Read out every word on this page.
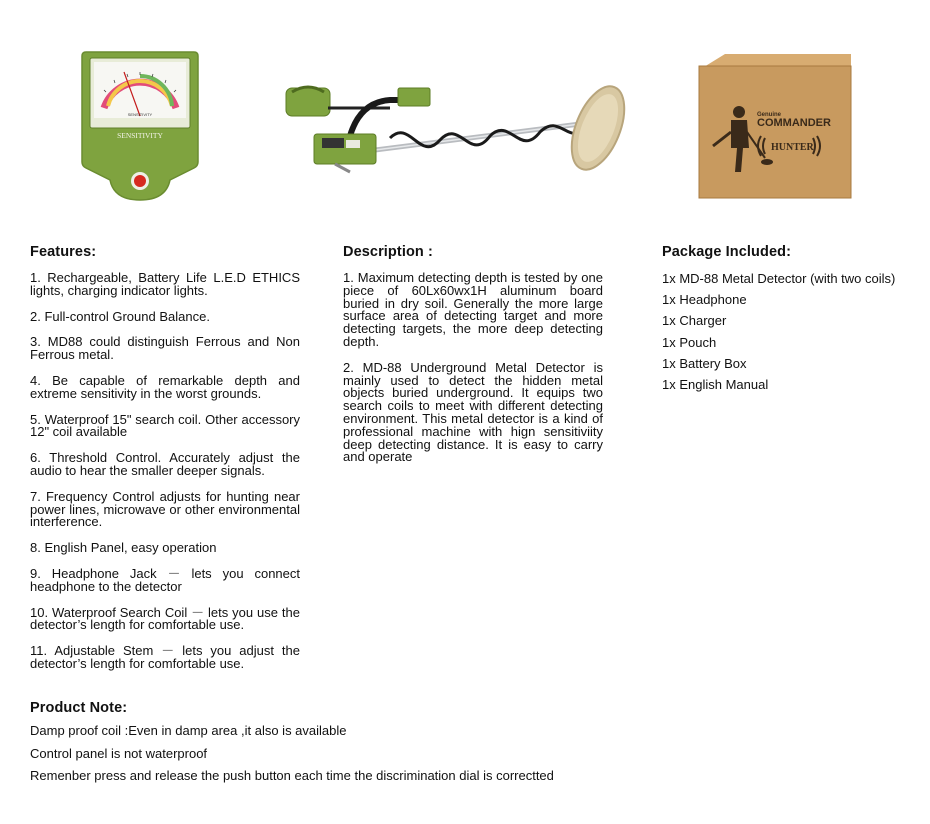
SENSITIVITY
SENSITIVITY
Genuine
COMMANDER
HUNTER
Features:

1. Rechargeable, Battery Life L.E.D ETHICS lights, charging indicator lights.

2. Full-control Ground Balance.

3. MD88 could distinguish Ferrous and Non Ferrous metal.

4. Be capable of remarkable depth and extreme sensitivity in the worst grounds.

5. Waterproof 15" search coil. Other accessory 12" coil available

6. Threshold Control. Accurately adjust the audio to hear the smaller deeper signals.

7. Frequency Control adjusts for hunting near power lines, microwave or other environmental interference.

8. English Panel, easy operation

9. Headphone Jack － lets you connect headphone to the detector

10. Waterproof Search Coil － lets you use the detector’s length for comfortable use.

11. Adjustable Stem － lets you adjust the detector’s length for comfortable use.

Description :

1. Maximum detecting depth is tested by one piece of 60Lx60wx1H aluminum board buried in dry soil. Generally the more large surface area of detecting target and more detecting targets, the more deep detecting depth.

2. MD-88 Underground Metal Detector is mainly used to detect the hidden metal objects buried underground. It equips two search coils to meet with different detecting environment. This metal detector is a kind of professional machine with hign sensitiviity deep detecting distance. It is easy to carry and operate

Package Included:
1x MD-88 Metal Detector (with two coils)
1x Headphone
1x Charger
1x Pouch
1x Battery Box
1x English Manual
Product Note:
Damp proof coil :Even in damp area ,it also is available
Control panel is not waterproof
Remenber press and release the push button each time the discrimination dial is correctted
